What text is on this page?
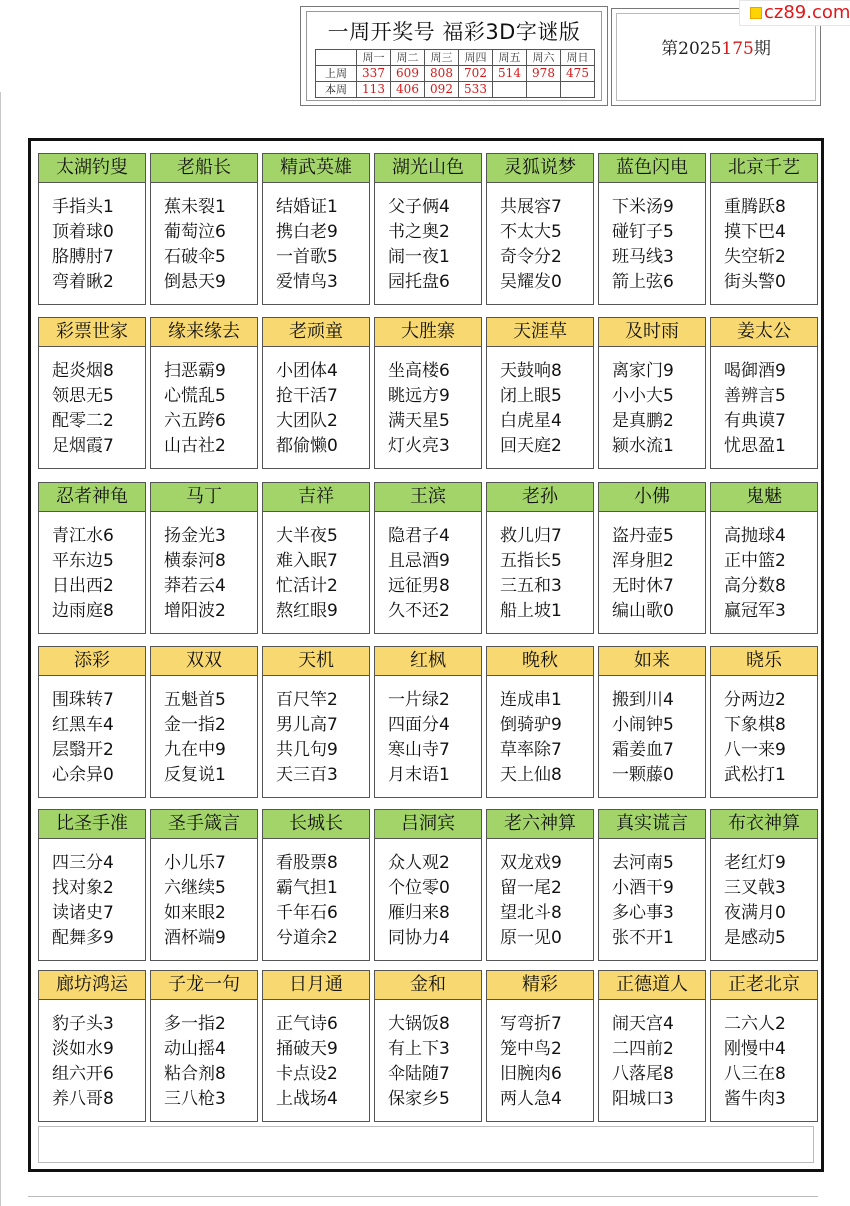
一周开奖号 福彩3D字谜版
	周一	周二	周三	周四	周五	周六	周日
上周	337	609	808	702	514	978	475
本周	113	406	092	533			
第2025175期
cz89.com
太湖钓叟
手指头1
顶着球0
胳膊肘7
弯着瞅2
老船长
蕉未裂1
葡萄泣6
石破伞5
倒悬天9
精武英雄
结婚证1
携白老9
一首歌5
爱情鸟3
湖光山色
父子俩4
书之奥2
闹一夜1
园托盘6
灵狐说梦
共展容7
不太大5
奇令分2
吴耀发0
蓝色闪电
下米汤9
碰钉子5
班马线3
箭上弦6
北京千艺
重腾跃8
摸下巴4
失空斩2
街头警0
彩票世家
起炎烟8
领思无5
配零二2
足烟霞7
缘来缘去
扫恶霸9
心慌乱5
六五跨6
山古社2
老顽童
小团体4
抢干活7
大团队2
都偷懒0
大胜寨
坐高楼6
眺远方9
满天星5
灯火亮3
天涯草
天鼓响8
闭上眼5
白虎星4
回天庭2
及时雨
离家门9
小小大5
是真鹏2
颍水流1
姜太公
喝御酒9
善辨言5
有典谟7
忧思盈1
忍者神龟
青江水6
平东边5
日出西2
边雨庭8
马丁
扬金光3
横泰河8
莽若云4
增阳波2
吉祥
大半夜5
难入眠7
忙活计2
熬红眼9
王滨
隐君子4
且忌酒9
远征男8
久不还2
老孙
救儿归7
五指长5
三五和3
船上坡1
小佛
盗丹壶5
浑身胆2
无时休7
编山歌0
鬼魅
高抛球4
正中篮2
高分数8
赢冠军3
添彩
围珠转7
红黑车4
层翳开2
心余异0
双双
五魁首5
金一指2
九在中9
反复说1
天机
百尺竿2
男儿高7
共几句9
天三百3
红枫
一片绿2
四面分4
寒山寺7
月末语1
晚秋
连成串1
倒骑驴9
草率除7
天上仙8
如来
搬到川4
小闹钟5
霜姜血7
一颗藤0
晓乐
分两边2
下象棋8
八一来9
武松打1
比圣手准
四三分4
找对象2
读诸史7
配舞多9
圣手箴言
小儿乐7
六继续5
如来眼2
酒杯端9
长城长
看股票8
霸气担1
千年石6
兮道余2
吕洞宾
众人观2
个位零0
雁归来8
同协力4
老六神算
双龙戏9
留一尾2
望北斗8
原一见0
真实谎言
去河南5
小酒干9
多心事3
张不开1
布衣神算
老红灯9
三叉戟3
夜满月0
是感动5
廊坊鸿运
豹子头3
淡如水9
组六开6
养八哥8
子龙一句
多一指2
动山摇4
粘合剂8
三八枪3
日月通
正气诗6
捅破天9
卡点设2
上战场4
金和
大锅饭8
有上下3
伞陆随7
保家乡5
精彩
写弯折7
笼中鸟2
旧腕肉6
两人急4
正德道人
闹天宫4
二四前2
八落尾8
阳城口3
正老北京
二六人2
刚慢中4
八三在8
酱牛肉3
